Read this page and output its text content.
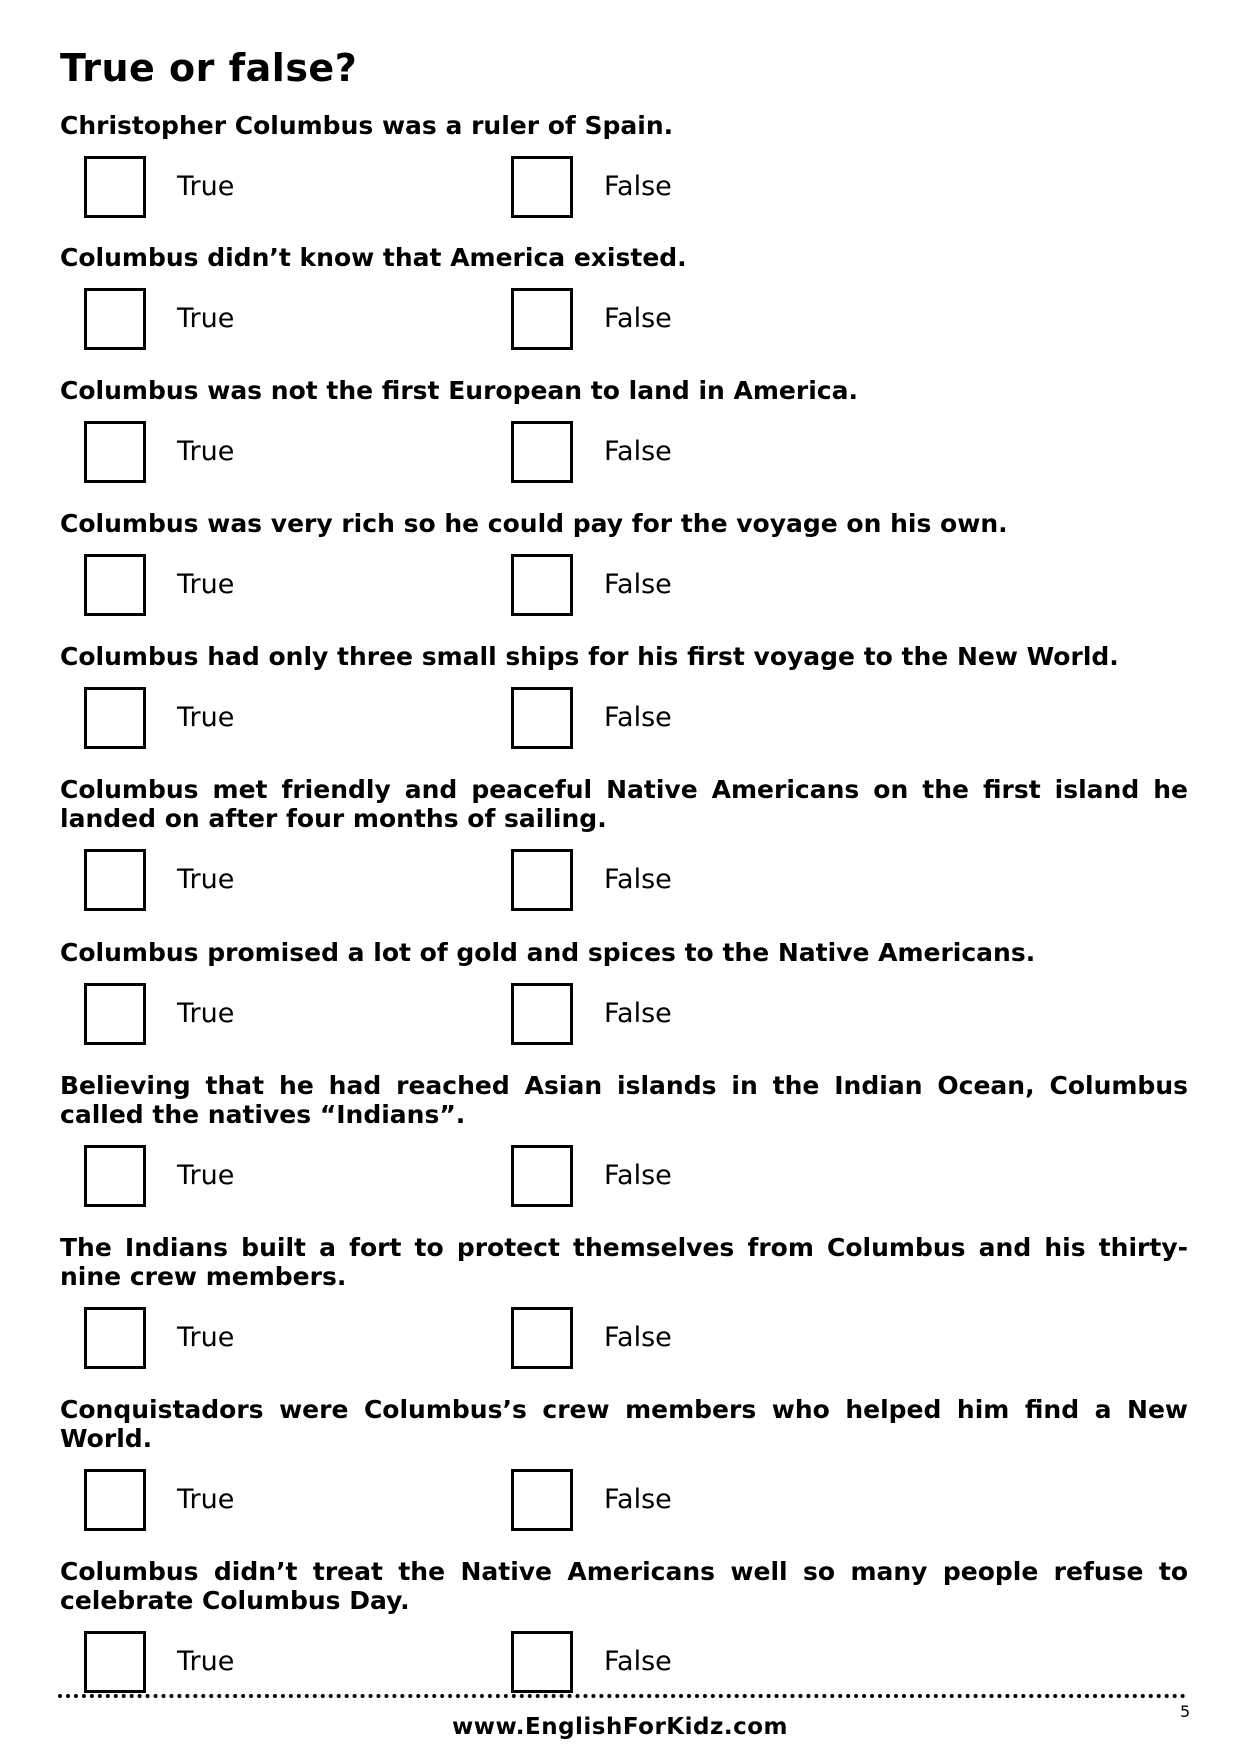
True or false?

Christopher Columbus was a ruler of Spain.

True	False

Columbus didn’t know that America existed.

True	False

Columbus was not the first European to land in America.

True	False

Columbus was very rich so he could pay for the voyage on his own.

True	False

Columbus had only three small ships for his first voyage to the New World.

True	False

Columbus met friendly and peaceful Native Americans on the first island he landed on after four months of sailing.

True	False

Columbus promised a lot of gold and spices to the Native Americans.

True	False

Believing that he had reached Asian islands in the Indian Ocean, Columbus called the natives “Indians”.

True	False

The Indians built a fort to protect themselves from Columbus and his thirty-nine crew members.

True	False

Conquistadors were Columbus’s crew members who helped him find a New World.

True	False

Columbus didn’t treat the Native Americans well so many people refuse to celebrate Columbus Day.

True	False
www.EnglishForKidz.com
5
